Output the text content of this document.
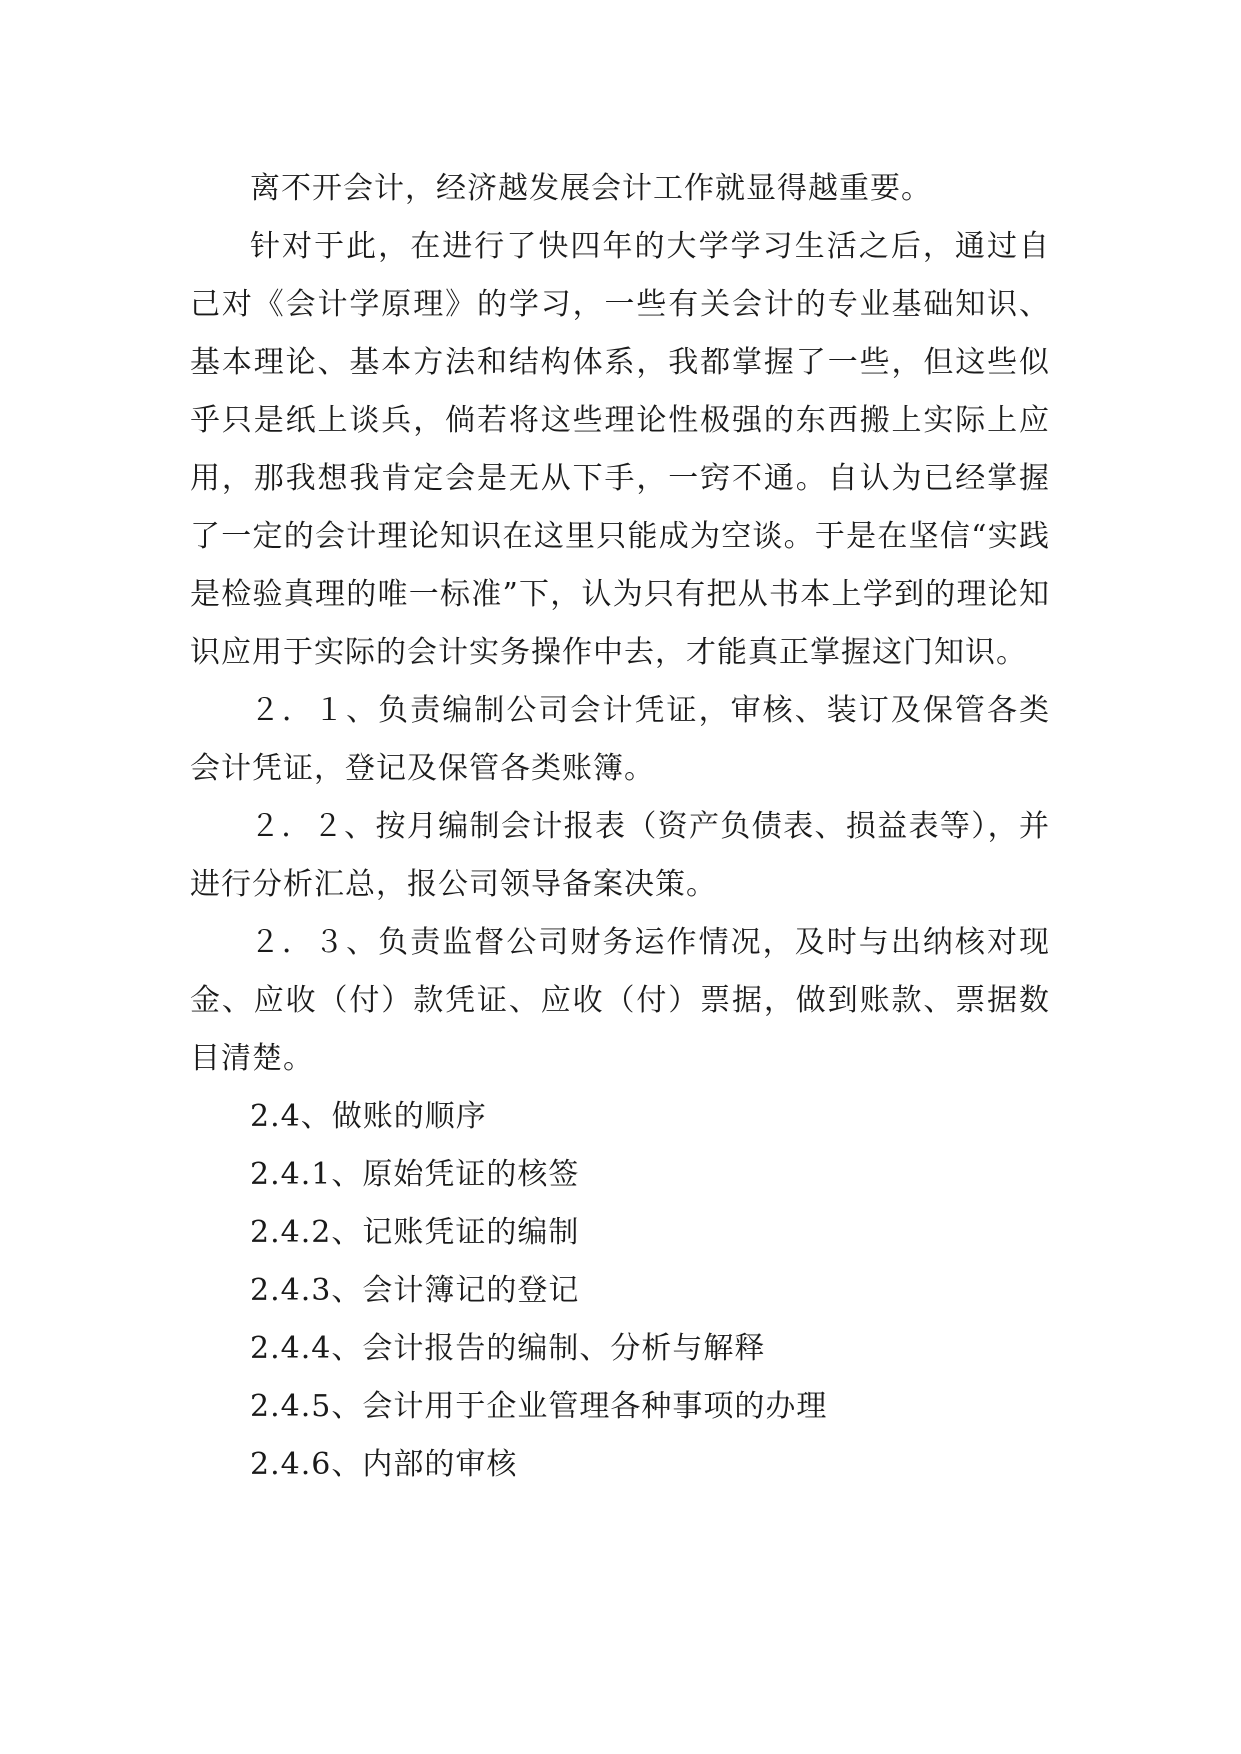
离不开会计，经济越发展会计工作就显得越重要。

针对于此，在进行了快四年的大学学习生活之后，通过自己对《会计学原理》的学习，一些有关会计的专业基础知识、基本理论、基本方法和结构体系，我都掌握了一些，但这些似乎只是纸上谈兵，倘若将这些理论性极强的东西搬上实际上应用，那我想我肯定会是无从下手，一窍不通。自认为已经掌握了一定的会计理论知识在这里只能成为空谈。于是在坚信“实践是检验真理的唯一标准”下，认为只有把从书本上学到的理论知识应用于实际的会计实务操作中去，才能真正掌握这门知识。

２．１、负责编制公司会计凭证，审核、装订及保管各类会计凭证，登记及保管各类账簿。

２．２、按月编制会计报表（资产负债表、损益表等），并进行分析汇总，报公司领导备案决策。

２．３、负责监督公司财务运作情况，及时与出纳核对现金、应收（付）款凭证、应收（付）票据，做到账款、票据数目清楚。

2.4、做账的顺序

2.4.1、原始凭证的核签

2.4.2、记账凭证的编制

2.4.3、会计簿记的登记

2.4.4、会计报告的编制、分析与解释

2.4.5、会计用于企业管理各种事项的办理

2.4.6、内部的审核
